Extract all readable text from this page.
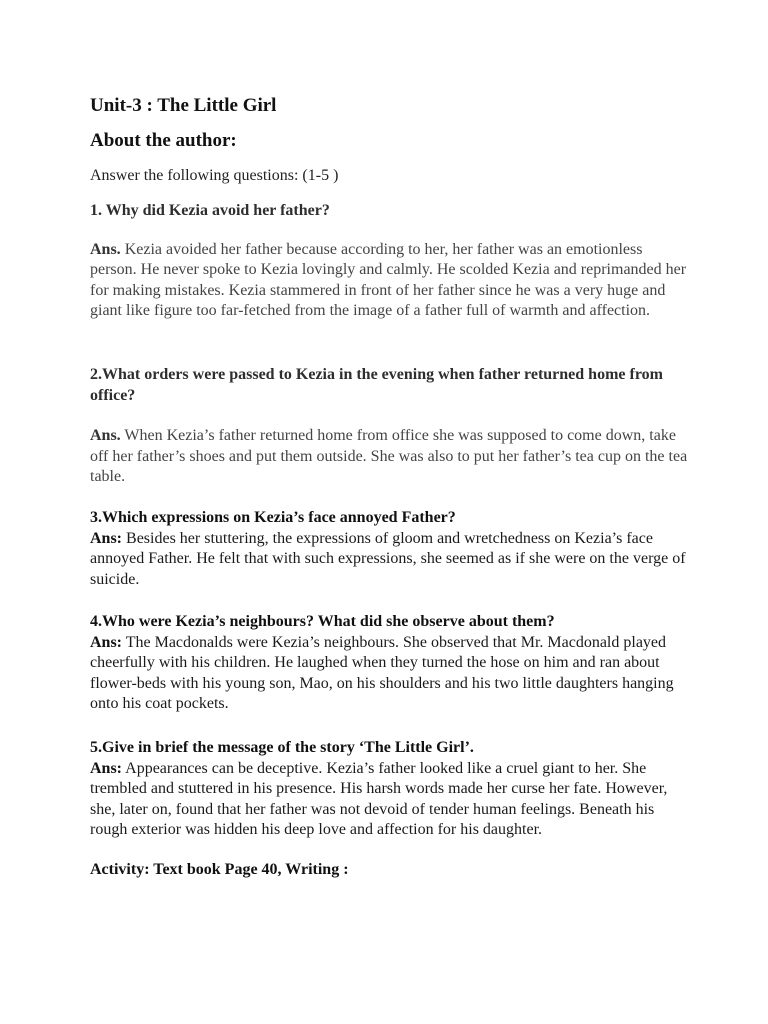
Unit-3 : The Little Girl
About the author:
Answer the following questions: (1-5 )
1. Why did Kezia avoid her father?
Ans. Kezia avoided her father because according to her, her father was an emotionless person. He never spoke to Kezia lovingly and calmly. He scolded Kezia and reprimanded her for making mistakes. Kezia stammered in front of her father since he was a very huge and giant like figure too far-fetched from the image of a father full of warmth and affection.
2.What orders were passed to Kezia in the evening when father returned home from office?
Ans. When Kezia’s father returned home from office she was supposed to come down, take off her father’s shoes and put them outside. She was also to put her father’s tea cup on the tea table.
3.Which expressions on Kezia’s face annoyed Father?
Ans: Besides her stuttering, the expressions of gloom and wretchedness on Kezia’s face annoyed Father. He felt that with such expressions, she seemed as if she were on the verge of suicide.
4.Who were Kezia’s neighbours? What did she observe about them?
Ans: The Macdonalds were Kezia’s neighbours. She observed that Mr. Macdonald played cheerfully with his children. He laughed when they turned the hose on him and ran about flower-beds with his young son, Mao, on his shoulders and his two little daughters hanging onto his coat pockets.
5.Give in brief the message of the story ‘The Little Girl’.
Ans: Appearances can be deceptive. Kezia’s father looked like a cruel giant to her. She trembled and stuttered in his presence. His harsh words made her curse her fate. However, she, later on, found that her father was not devoid of tender human feelings. Beneath his rough exterior was hidden his deep love and affection for his daughter.
Activity: Text book Page 40, Writing :
